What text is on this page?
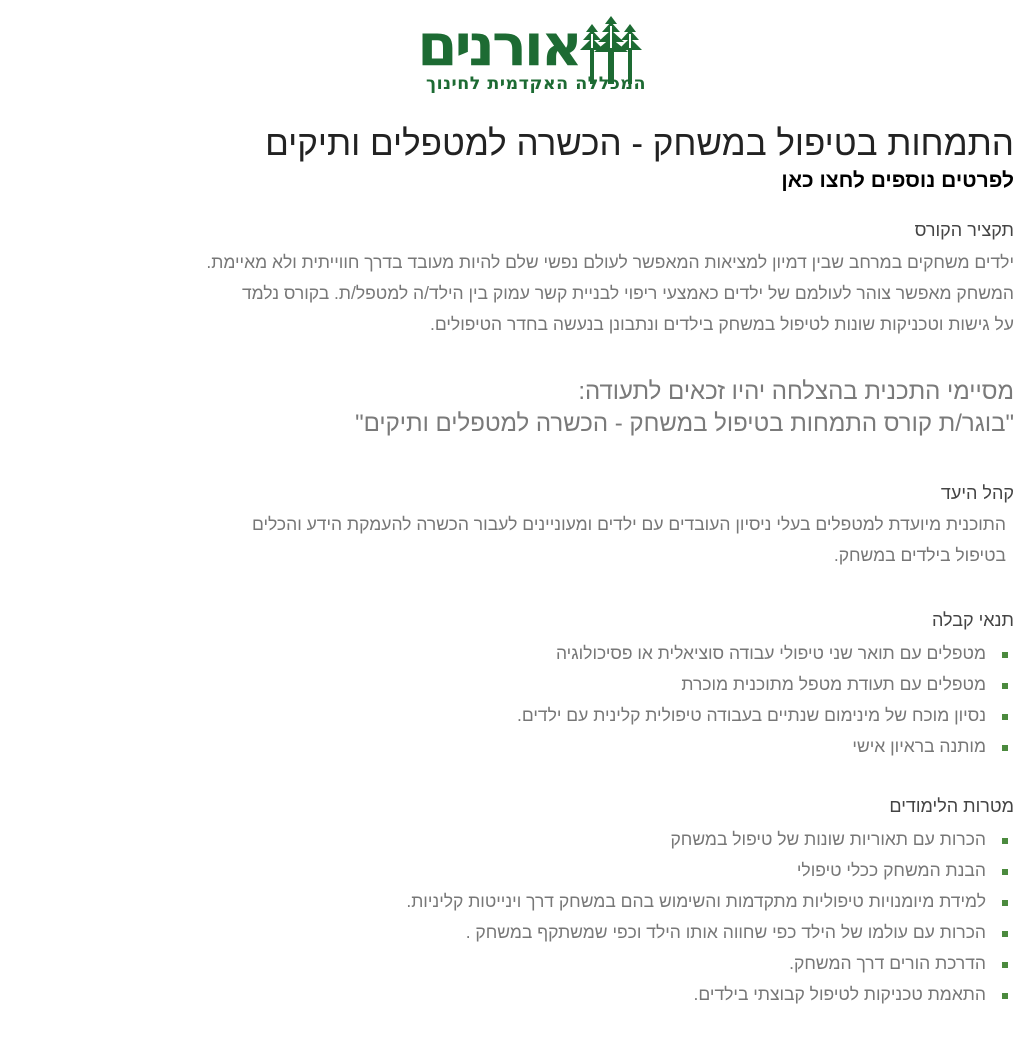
אורנים
המכללה האקדמית לחינוך
התמחות בטיפול במשחק - הכשרה למטפלים ותיקים
לפרטים נוספים לחצו כאן
תקציר הקורס

ילדים משחקים במרחב שבין דמיון למציאות המאפשר לעולם נפשי שלם להיות מעובד בדרך חווייתית ולא מאיימת.

המשחק מאפשר צוהר לעולמם של ילדים כאמצעי ריפוי לבניית קשר עמוק בין הילד/ה למטפל/ת. בקורס נלמד

על גישות וטכניקות שונות לטיפול במשחק בילדים ונתבונן בנעשה בחדר הטיפולים.

מסיימי התכנית בהצלחה יהיו זכאים לתעודה:
"בוגר/ת קורס התמחות בטיפול במשחק - הכשרה למטפלים ותיקים"
קהל היעד

התוכנית מיועדת למטפלים בעלי ניסיון העובדים עם ילדים ומעוניינים לעבור הכשרה להעמקת הידע והכלים

בטיפול בילדים במשחק.

תנאי קבלה
מטפלים עם תואר שני טיפולי עבודה סוציאלית או פסיכולוגיה
מטפלים עם תעודת מטפל מתוכנית מוכרת
נסיון מוכח של מינימום שנתיים בעבודה טיפולית קלינית עם ילדים.
מותנה בראיון אישי
מטרות הלימודים
הכרות עם תאוריות שונות של טיפול במשחק
הבנת המשחק ככלי טיפולי
למידת מיומנויות טיפוליות מתקדמות והשימוש בהם במשחק דרך וינייטות קליניות.
הכרות עם עולמו של הילד כפי שחווה אותו הילד וכפי שמשתקף במשחק .
הדרכת הורים דרך המשחק.
התאמת טכניקות לטיפול קבוצתי בילדים.
